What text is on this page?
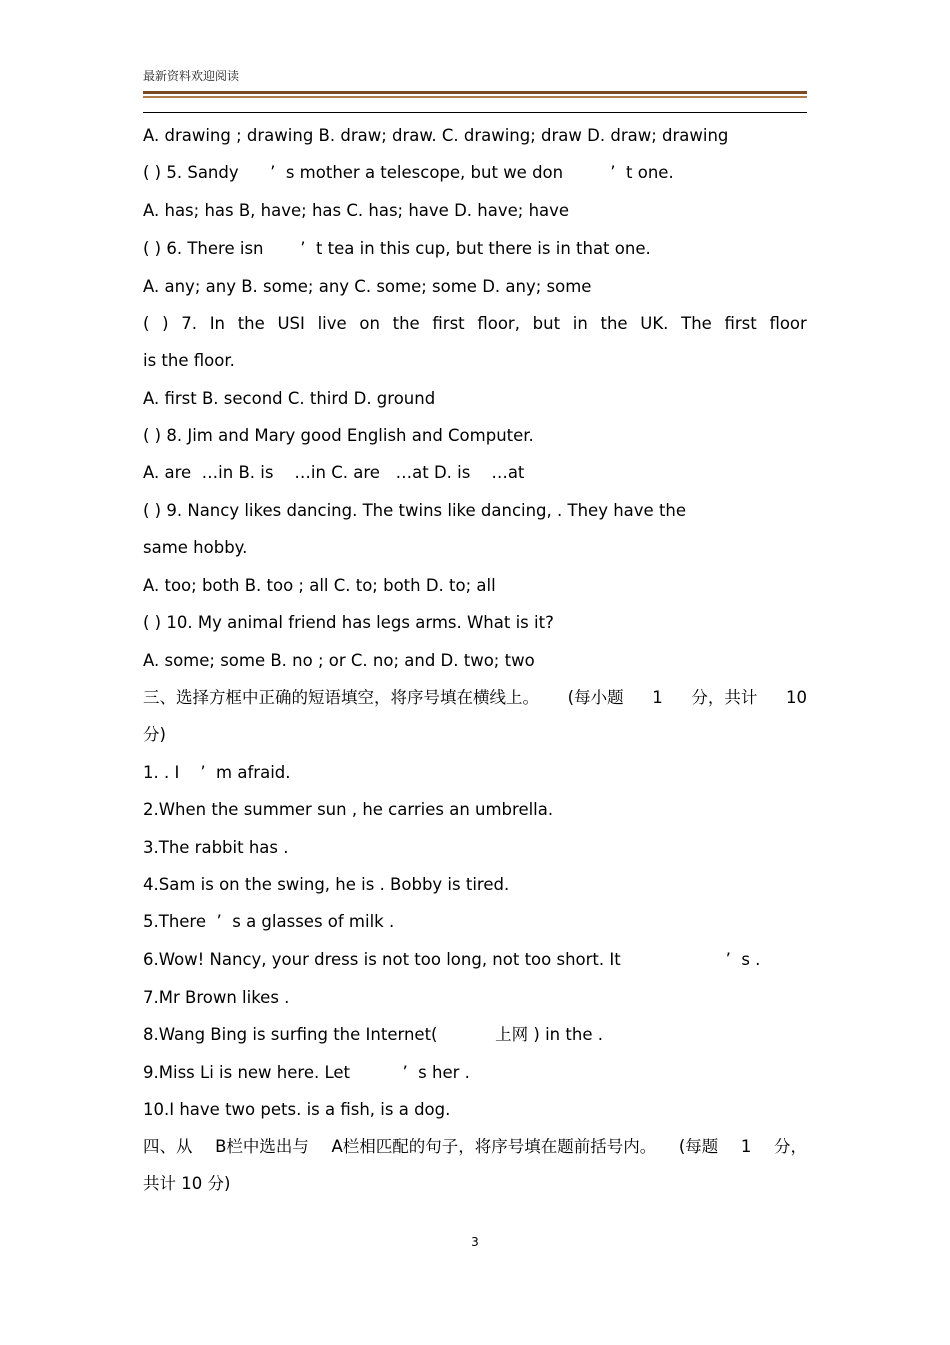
最新资料欢迎阅读
A. drawing ; drawing B. draw; draw. C. drawing; draw D. draw; drawing
( ) 5. Sandy      ’  s mother a telescope, but we don         ’  t one.
A. has; has B, have; has C. has; have D. have; have
( ) 6. There isn       ’  t tea in this cup, but there is in that one.
A. any; any B. some; any C. some; some D. any; some
( ) 7. In the USI live on the first floor, but in the UK. The first floor
is the floor.
A. first B. second C. third D. ground
( ) 8. Jim and Mary good English and Computer.
A. are  …in B. is    …in C. are   …at D. is    …at
( ) 9. Nancy likes dancing. The twins like dancing, . They have the
same hobby.
A. too; both B. too ; all C. to; both D. to; all
( ) 10. My animal friend has legs arms. What is it?
A. some; some B. no ; or C. no; and D. two; two
三、选择方框中正确的短语填空，将序号填在横线上。 (每小题 1 分，共计 10
分)
1. . I    ’  m afraid.
2.When the summer sun , he carries an umbrella.
3.The rabbit has .
4.Sam is on the swing, he is . Bobby is tired.
5.There  ’  s a glasses of milk .
6.Wow! Nancy, your dress is not too long, not too short. It                    ’  s .
7.Mr Brown likes .
8.Wang Bing is surfing the Internet(           上网 ) in the .
9.Miss Li is new here. Let          ’  s her .
10.I have two pets. is a fish, is a dog.
四、从 B栏中选出与 A栏相匹配的句子，将序号填在题前括号内。 (每题 1 分，
共计 10 分)
3
